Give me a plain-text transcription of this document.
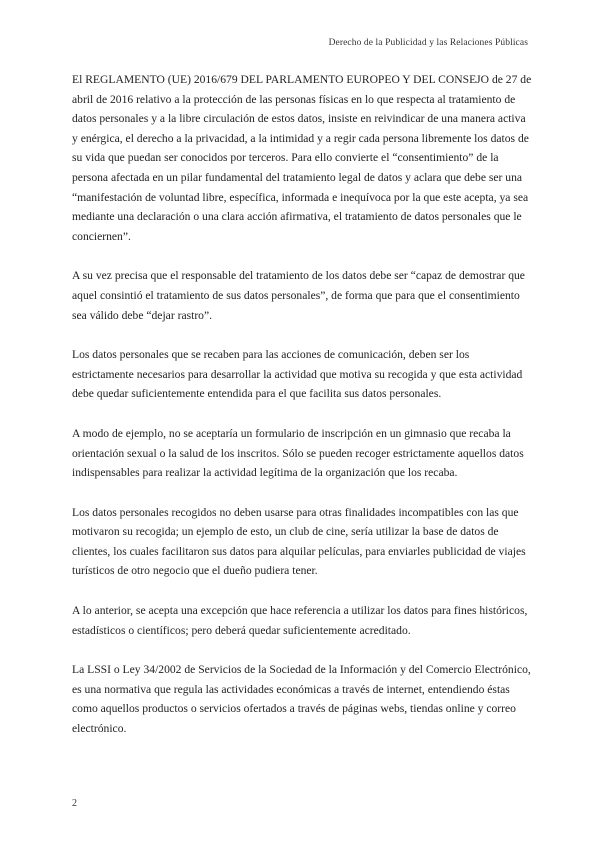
Derecho de la Publicidad y las Relaciones Públicas

El REGLAMENTO (UE) 2016/679 DEL PARLAMENTO EUROPEO Y DEL CONSEJO de 27 de abril de 2016 relativo a la protección de las personas físicas en lo que respecta al tratamiento de datos personales y a la libre circulación de estos datos, insiste en reivindicar de una manera activa y enérgica, el derecho a la privacidad, a la intimidad y a regir cada persona libremente los datos de su vida que puedan ser conocidos por terceros. Para ello convierte el “consentimiento” de la persona afectada en un pilar fundamental del tratamiento legal de datos y aclara que debe ser una “manifestación de voluntad libre, específica, informada e inequívoca por la que este acepta, ya sea mediante una declaración o una clara acción afirmativa, el tratamiento de datos personales que le conciernen”.

A su vez precisa que el responsable del tratamiento de los datos debe ser “capaz de demostrar que aquel consintió el tratamiento de sus datos personales”, de forma que para que el consentimiento sea válido debe “dejar rastro”.

Los datos personales que se recaben para las acciones de comunicación, deben ser los estrictamente necesarios para desarrollar la actividad que motiva su recogida y que esta actividad debe quedar suficientemente entendida para el que facilita sus datos personales.

A modo de ejemplo, no se aceptaría un formulario de inscripción en un gimnasio que recaba la orientación sexual o la salud de los inscritos. Sólo se pueden recoger estrictamente aquellos datos indispensables para realizar la actividad legítima de la organización que los recaba.

Los datos personales recogidos no deben usarse para otras finalidades incompatibles con las que motivaron su recogida; un ejemplo de esto, un club de cine, sería utilizar la base de datos de clientes, los cuales facilitaron sus datos para alquilar películas, para enviarles publicidad de viajes turísticos de otro negocio que el dueño pudiera tener.

A lo anterior, se acepta una excepción que hace referencia a utilizar los datos para fines históricos, estadísticos o científicos; pero deberá quedar suficientemente acreditado.

La LSSI o Ley 34/2002 de Servicios de la Sociedad de la Información y del Comercio Electrónico, es una normativa que regula las actividades económicas a través de internet, entendiendo éstas como aquellos productos o servicios ofertados a través de páginas webs, tiendas online y correo electrónico.

2
